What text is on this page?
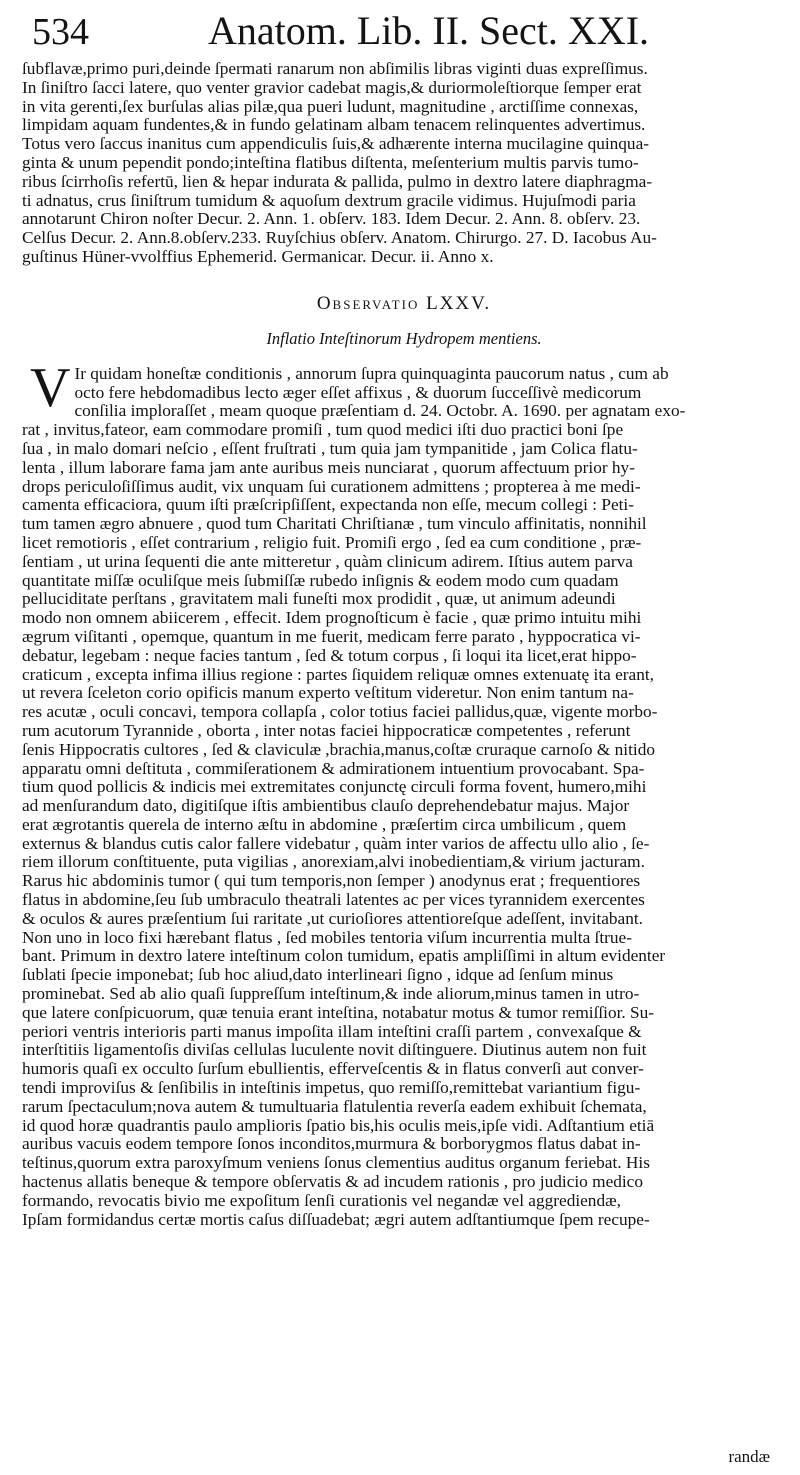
534	Anatom. Lib. II. Sect. XXI.

ſubflavæ,primo puri,deinde ſpermati ranarum non abſimilis libras viginti duas expreſſimus.
In ſiniſtro ſacci latere, quo venter gravior cadebat magis,& duriormoleſtiorque ſemper erat
in vita gerenti,ſex burſulas alias pilæ,qua pueri ludunt, magnitudine , arctiſſime connexas,
limpidam aquam fundentes,& in fundo gelatinam albam tenacem relinquentes advertimus.
Totus vero ſaccus inanitus cum appendiculis ſuis,& adhærente interna mucilagine quinqua-
ginta & unum pependit pondo;inteſtina flatibus diſtenta, meſenterium multis parvis tumo-
ribus ſcirrhoſis refertū, lien & hepar indurata & pallida, pulmo in dextro latere diaphragma-
ti adnatus, crus ſiniſtrum tumidum & aquoſum dextrum gracile vidimus. Hujuſmodi paria
annotarunt Chiron noſter Decur. 2. Ann. 1. obſerv. 183. Idem Decur. 2. Ann. 8. obſerv. 23.
Celſus Decur. 2. Ann.8.obſerv.233. Ruyſchius obſerv. Anatom. Chirurgo. 27. D. Iacobus Au-
guſtinus Hüner-vvolffius Ephemerid. Germanicar. Decur. ii. Anno x.

Observatio LXXV.
Inflatio Inteſtinorum Hydropem mentiens.
V Ir quidam honeſtæ conditionis , annorum ſupra quinquaginta paucorum natus , cum ab
octo fere hebdomadibus lecto æger eſſet affixus , & duorum ſucceſſivè medicorum
conſilia imploraſſet , meam quoque præſentiam d. 24. Octobr. A. 1690. per agnatam exo-
rat , invitus,fateor, eam commodare promiſi , tum quod medici iſti duo practici boni ſpe
ſua , in malo domari neſcio , eſſent fruſtrati , tum quia jam tympanitide , jam Colica flatu-
lenta , illum laborare fama jam ante auribus meis nunciarat , quorum affectuum prior hy-
drops periculoſiſſimus audit, vix unquam ſui curationem admittens ; propterea à me medi-
camenta efficaciora, quum iſti præſcripſiſſent, expectanda non eſſe, mecum collegi : Peti-
tum tamen ægro abnuere , quod tum Charitati Chriſtianæ , tum vinculo affinitatis, nonnihil
licet remotioris , eſſet contrarium , religio fuit. Promiſi ergo , ſed ea cum conditione , præ-
ſentiam , ut urina ſequenti die ante mitteretur , quàm clinicum adirem. Iſtius autem parva
quantitate miſſæ oculiſque meis ſubmiſſæ rubedo inſignis & eodem modo cum quadam
pelluciditate perſtans , gravitatem mali funeſti mox prodidit , quæ, ut animum adeundi
modo non omnem abiicerem , effecit. Idem prognoſticum è facie , quæ primo intuitu mihi
ægrum viſitanti , opemque, quantum in me fuerit, medicam ferre parato , hyppocratica vi-
debatur, legebam : neque facies tantum , ſed & totum corpus , ſi loqui ita licet,erat hippo-
craticum , excepta infima illius regione : partes ſiquidem reliquæ omnes extenuatę ita erant,
ut revera ſceleton corio opificis manum experto veſtitum videretur. Non enim tantum na-
res acutæ , oculi concavi, tempora collapſa , color totius faciei pallidus,quæ, vigente morbo-
rum acutorum Tyrannide , oborta , inter notas faciei hippocraticæ competentes , referunt
ſenis Hippocratis cultores , ſed & claviculæ ,brachia,manus,coſtæ cruraque carnoſo & nitido
apparatu omni deſtituta , commiſerationem & admirationem intuentium provocabant. Spa-
tium quod pollicis & indicis mei extremitates conjunctę circuli forma fovent, humero,mihi
ad menſurandum dato, digitiſque iſtis ambientibus clauſo deprehendebatur majus. Major
erat ægrotantis querela de interno æſtu in abdomine , præſertim circa umbilicum , quem
externus & blandus cutis calor fallere videbatur , quàm inter varios de affectu ullo alio , ſe-
riem illorum conſtituente, puta vigilias , anorexiam,alvi inobedientiam,& virium jacturam.
Rarus hic abdominis tumor ( qui tum temporis,non ſemper ) anodynus erat ; frequentiores
flatus in abdomine,ſeu ſub umbraculo theatrali latentes ac per vices tyrannidem exercentes
& oculos & aures præſentium ſui raritate ,ut curioſiores attentioreſque adeſſent, invitabant.
Non uno in loco fixi hærebant flatus , ſed mobiles tentoria viſum incurrentia multa ſtrue-
bant. Primum in dextro latere inteſtinum colon tumidum, epatis ampliſſimi in altum evidenter
ſublati ſpecie imponebat; ſub hoc aliud,dato interlineari ſigno , idque ad ſenſum minus
prominebat. Sed ab alio quaſi ſuppreſſum inteſtinum,& inde aliorum,minus tamen in utro-
que latere conſpicuorum, quæ tenuia erant inteſtina, notabatur motus & tumor remiſſior. Su-
periori ventris interioris parti manus impoſita illam inteſtini craſſi partem , convexaſque &
interſtitiis ligamentoſis diviſas cellulas luculente novit diſtinguere. Diutinus autem non fuit
humoris quaſi ex occulto ſurſum ebullientis, efferveſcentis & in flatus converſi aut conver-
tendi improviſus & ſenſibilis in inteſtinis impetus, quo remiſſo,remittebat variantium figu-
rarum ſpectaculum;nova autem & tumultuaria flatulentia reverſa eadem exhibuit ſchemata,
id quod horæ quadrantis paulo amplioris ſpatio bis,his oculis meis,ipſe vidi. Adſtantium etiā
auribus vacuis eodem tempore ſonos inconditos,murmura & borborygmos flatus dabat in-
teſtinus,quorum extra paroxyſmum veniens ſonus clementius auditus organum feriebat. His
hactenus allatis beneque & tempore obſervatis & ad incudem rationis , pro judicio medico
formando, revocatis bivio me expoſitum ſenſi curationis vel negandæ vel aggrediendæ,
Ipſam formidandus certæ mortis caſus diſſuadebat; ægri autem adſtantiumque ſpem recupe-

randæ
